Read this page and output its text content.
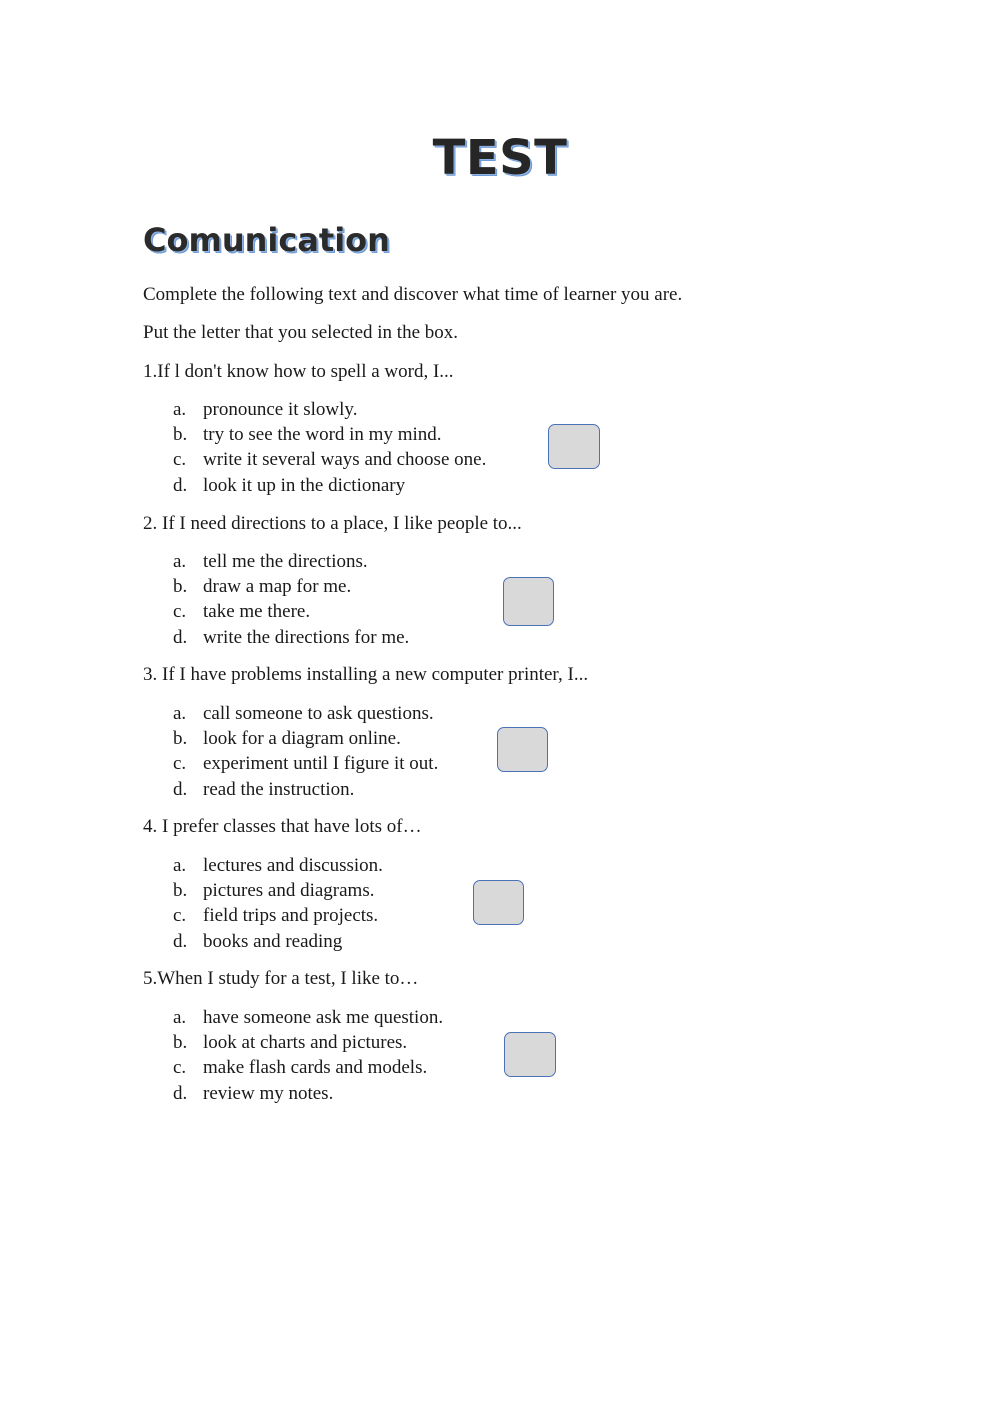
TEST
Comunication
Complete the following text and discover what time of learner you are.
Put the letter that you selected in the box.
1.If l don't know how to spell a word, I...
a. pronounce it slowly.
b. try to see the word in my mind.
c. write it several ways and choose one.
d. look it up in the dictionary
2. If I need directions to a place, I like people to...
a. tell me the directions.
b. draw a map for me.
c. take me there.
d. write the directions for me.
3. If I have problems installing a new computer printer, I...
a. call someone to ask questions.
b. look for a diagram online.
c. experiment until I figure it out.
d. read the instruction.
4. I prefer classes that have lots of…
a. lectures and discussion.
b. pictures and diagrams.
c. field trips and projects.
d. books and reading
5.When I study for a test, I like to…
a. have someone ask me question.
b. look at charts and pictures.
c. make flash cards and models.
d. review my notes.
